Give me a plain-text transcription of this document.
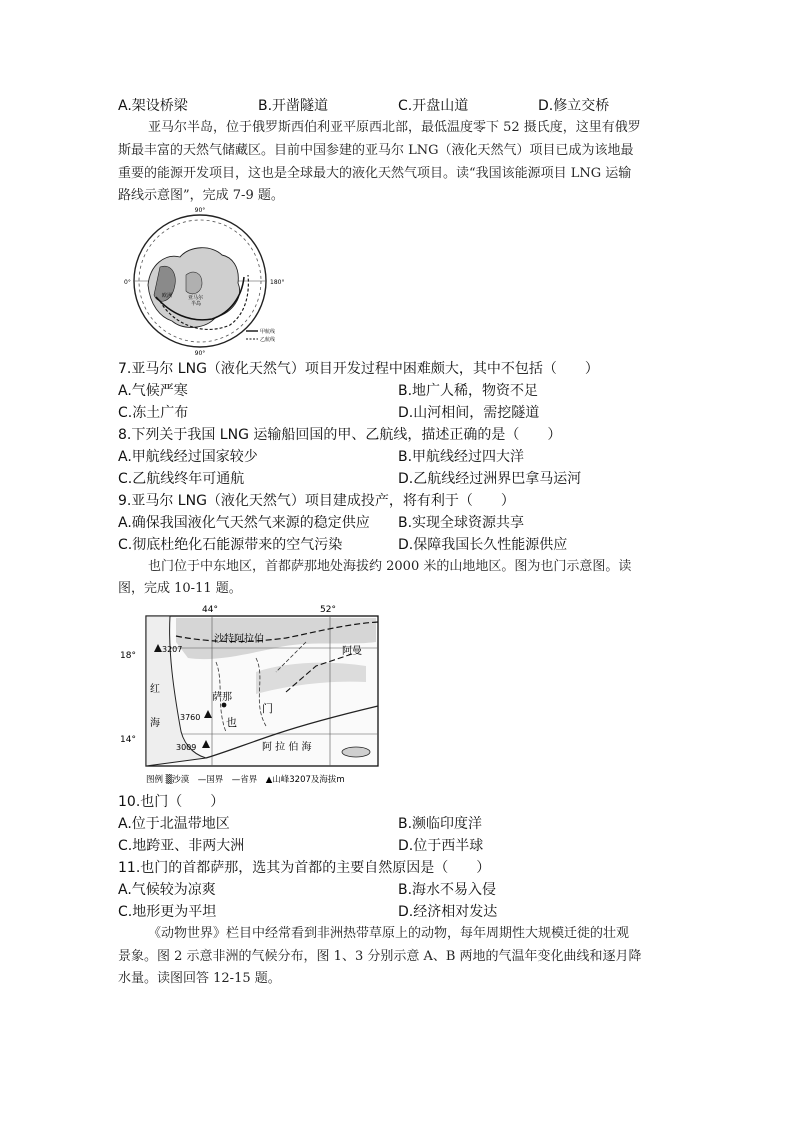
A.架设桥梁	B.开凿隧道	C.开盘山道	D.修立交桥
亚马尔半岛，位于俄罗斯西伯利亚平原西北部，最低温度零下 52 摄氏度，这里有俄罗
斯最丰富的天然气储藏区。目前中国参建的亚马尔 LNG（液化天然气）项目已成为该地最
重要的能源开发项目，这也是全球最大的液化天然气项目。读“我国该能源项目 LNG 运输
路线示意图”，完成 7-9 题。
90°
90°
0°	180°
欧洲	亚马尔
半岛
甲航线
乙航线
7.亚马尔 LNG（液化天然气）项目开发过程中困难颇大，其中不包括（　　）
A.气候严寒	B.地广人稀，物资不足
C.冻土广布	D.山河相间，需挖隧道
8.下列关于我国 LNG 运输船回国的甲、乙航线，描述正确的是（　　）
A.甲航线经过国家较少	B.甲航线经过四大洋
C.乙航线终年可通航	D.乙航线经过洲界巴拿马运河
9.亚马尔 LNG（液化天然气）项目建成投产，将有利于（　　）
A.确保我国液化气天然气来源的稳定供应 B.实现全球资源共享
C.彻底杜绝化石能源带来的空气污染	D.保障我国长久性能源供应
也门位于中东地区，首都萨那地处海拔约 2000 米的山地地区。图为也门示意图。读
图，完成 10-11 题。
44°	52°
18°
14°
沙特阿拉伯
阿曼
红
海
萨那
也
门
3207
3760
3009	阿 拉 伯 海
图例 ▒沙漠　—国界　—省界　▲山峰3207及海拔m
10.也门（　　）
A.位于北温带地区	B.濒临印度洋
C.地跨亚、非两大洲	D.位于西半球
11.也门的首都萨那，选其为首都的主要自然原因是（　　）
A.气候较为凉爽	B.海水不易入侵
C.地形更为平坦	D.经济相对发达
《动物世界》栏目中经常看到非洲热带草原上的动物，每年周期性大规模迁徙的壮观
景象。图 2 示意非洲的气候分布，图 1、3 分别示意 A、B 两地的气温年变化曲线和逐月降
水量。读图回答 12-15 题。
